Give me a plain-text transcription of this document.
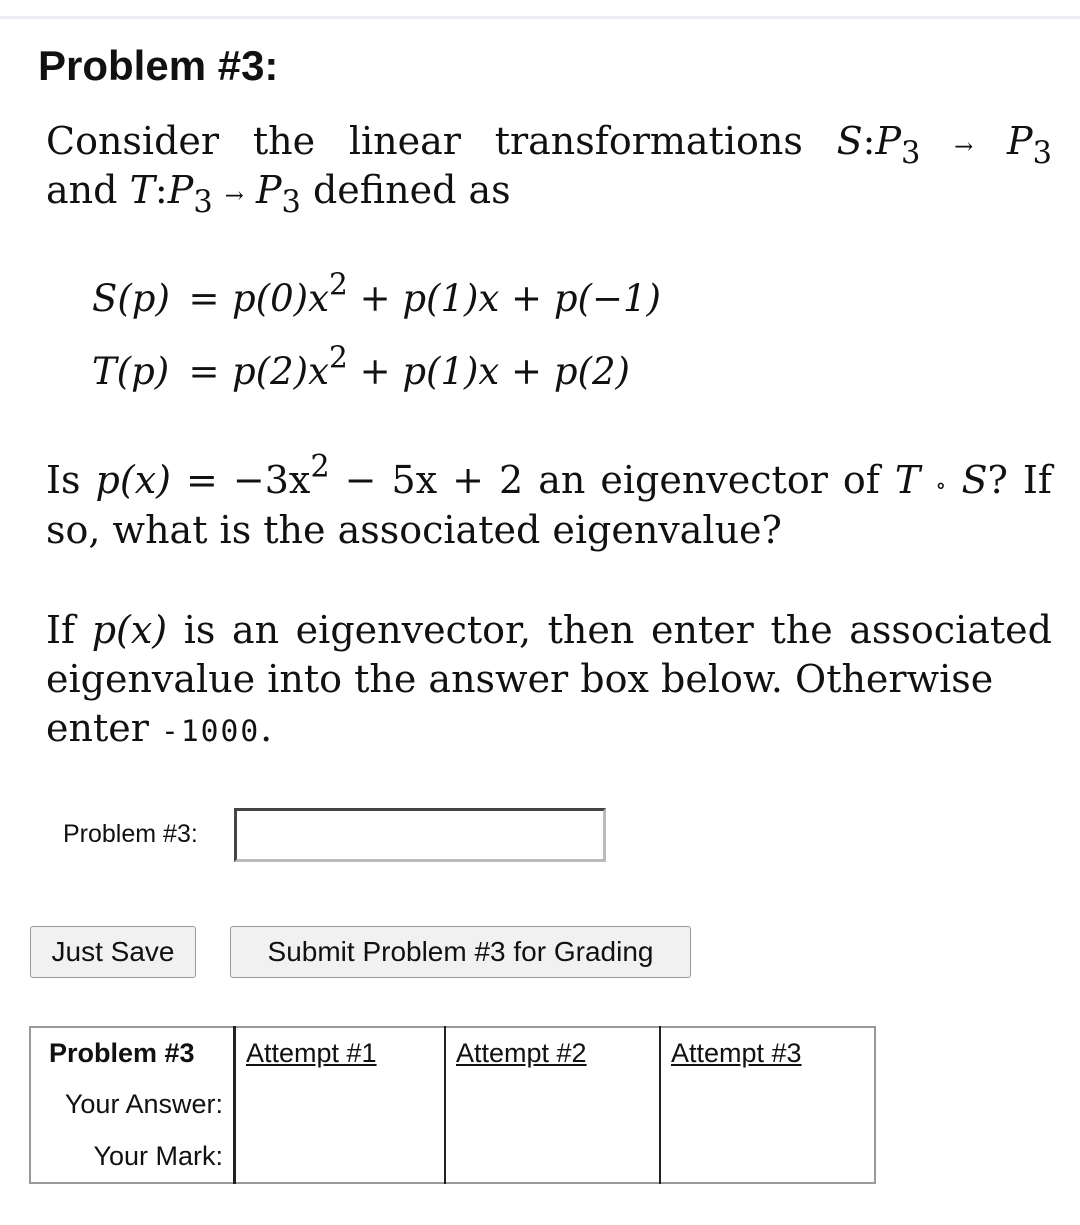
Problem #3:
Consider the linear transformations $S:P_3 \to P_3$
and $T:P_3 \to P_3$ defined as
$S(p) = p(0)x^2 + p(1)x + p(-1)$
$T(p) = p(2)x^2 + p(1)x + p(2)$
Is $p(x) = -3x^2 - 5x + 2$ an eigenvector of T ∘ S? If
so, what is the associated eigenvalue?
If p(x) is an eigenvector, then enter the associated
eigenvalue into the answer box below. Otherwise
enter -1000.
Problem #3:
Just Save	Submit Problem #3 for Grading
Problem #3	Attempt #1	Attempt #2	Attempt #3
Your Answer:			
Your Mark:			
